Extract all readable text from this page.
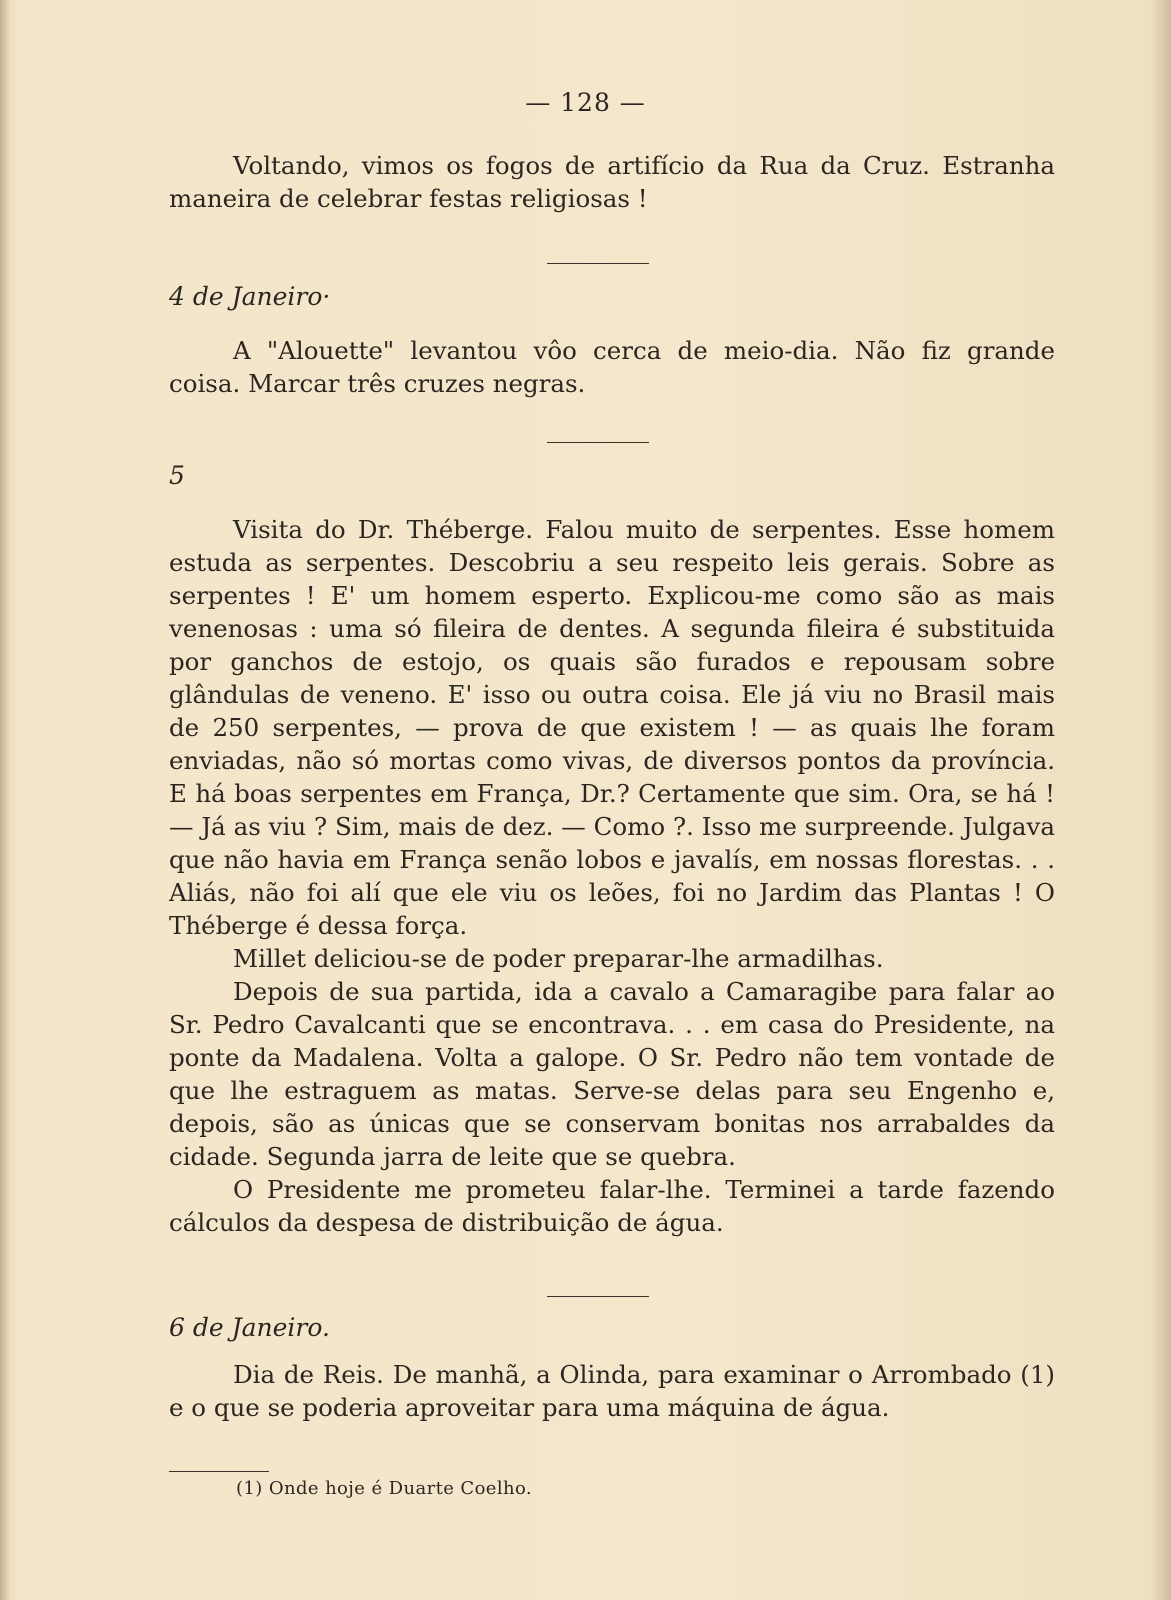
— 128 —

Voltando, vimos os fogos de artifício da Rua da Cruz. Estranha maneira de celebrar festas religiosas !

4 de Janeiro·

A "Alouette" levantou vôo cerca de meio-dia. Não fiz grande coisa. Marcar três cruzes negras.

5

Visita do Dr. Théberge. Falou muito de serpentes. Esse homem estuda as serpentes. Descobriu a seu respeito leis gerais. Sobre as serpentes ! E' um homem esperto. Explicou-me como são as mais venenosas : uma só fileira de dentes. A segunda fileira é substituida por ganchos de estojo, os quais são furados e repousam sobre glândulas de veneno. E' isso ou outra coisa. Ele já viu no Brasil mais de 250 serpentes, — prova de que existem ! — as quais lhe foram enviadas, não só mortas como vivas, de diversos pontos da província. E há boas serpentes em França, Dr.? Certamente que sim. Ora, se há ! — Já as viu ? Sim, mais de dez. — Como ?. Isso me surpreende. Julgava que não havia em França senão lobos e javalís, em nossas florestas. . . Aliás, não foi alí que ele viu os leões, foi no Jardim das Plantas ! O Théberge é dessa força.

Millet deliciou-se de poder preparar-lhe armadilhas.

Depois de sua partida, ida a cavalo a Camaragibe para falar ao Sr. Pedro Cavalcanti que se encontrava. . . em casa do Presidente, na ponte da Madalena. Volta a galope. O Sr. Pedro não tem vontade de que lhe estraguem as matas. Serve-se delas para seu Engenho e, depois, são as únicas que se conservam bonitas nos arrabaldes da cidade. Segunda jarra de leite que se quebra.

O Presidente me prometeu falar-lhe. Terminei a tarde fazendo cálculos da despesa de distribuição de água.

6 de Janeiro.

Dia de Reis. De manhã, a Olinda, para examinar o Arrombado (1) e o que se poderia aproveitar para uma máquina de água.

(1) Onde hoje é Duarte Coelho.
